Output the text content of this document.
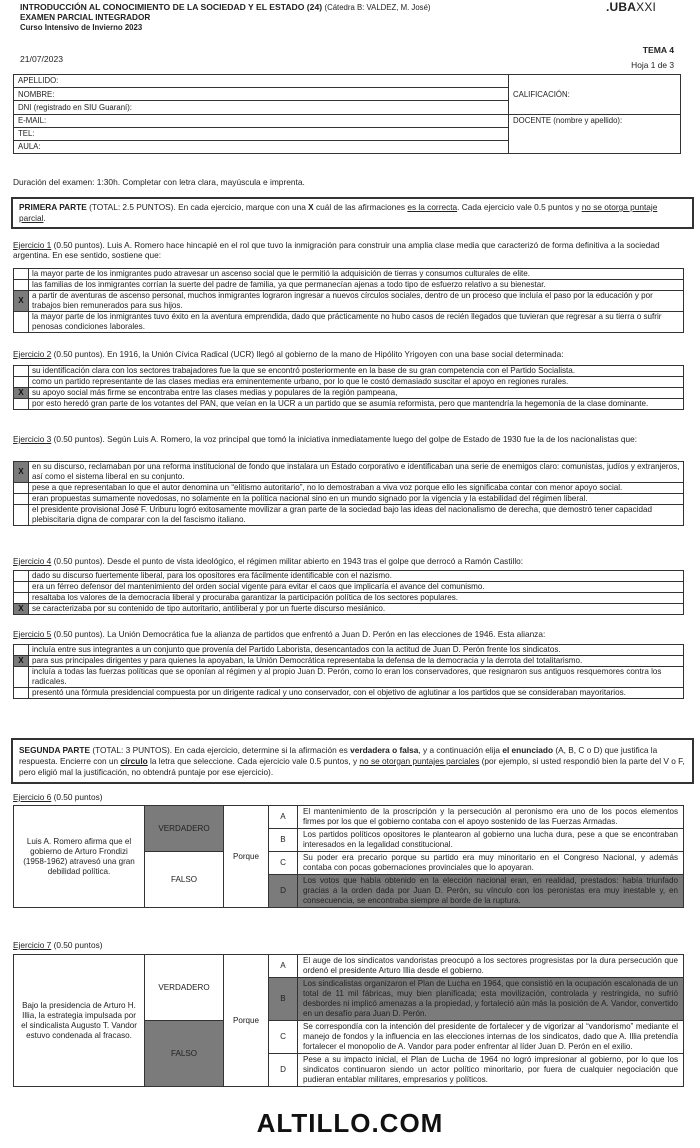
INTRODUCCIÓN AL CONOCIMIENTO DE LA SOCIEDAD Y EL ESTADO (24) (Cátedra B: VALDEZ, M. José)
EXAMEN PARCIAL INTEGRADOR
Curso Intensivo de Invierno 2023
.UBAXXI
21/07/2023
TEMA 4
Hoja 1 de 3
APELLIDO:	CALIFICACIÓN:
NOMBRE:	
DNI (registrado en SIU Guaraní):	
E-MAIL:	DOCENTE (nombre y apellido):
TEL:	
AULA:	
Duración del examen: 1:30h. Completar con letra clara, mayúscula e imprenta.
PRIMERA PARTE (TOTAL: 2.5 PUNTOS). En cada ejercicio, marque con una X cuál de las afirmaciones es la correcta. Cada ejercicio vale 0.5 puntos y no se otorga puntaje parcial.
Ejercicio 1 (0.50 puntos). Luis A. Romero hace hincapié en el rol que tuvo la inmigración para construir una amplia clase media que caracterizó de forma definitiva a la sociedad argentina. En ese sentido, sostiene que:
	la mayor parte de los inmigrantes pudo atravesar un ascenso social que le permitió la adquisición de tierras y consumos culturales de elite.
	las familias de los inmigrantes corrían la suerte del padre de familia, ya que permanecían ajenas a todo tipo de esfuerzo relativo a su bienestar.
X	a partir de aventuras de ascenso personal, muchos inmigrantes lograron ingresar a nuevos círculos sociales, dentro de un proceso que incluía el paso por la educación y por trabajos bien remunerados para sus hijos.
	la mayor parte de los inmigrantes tuvo éxito en la aventura emprendida, dado que prácticamente no hubo casos de recién llegados que tuvieran que regresar a su tierra o sufrir penosas condiciones laborales.
Ejercicio 2 (0.50 puntos). En 1916, la Unión Cívica Radical (UCR) llegó al gobierno de la mano de Hipólito Yrigoyen con una base social determinada:
	su identificación clara con los sectores trabajadores fue la que se encontró posteriormente en la base de su gran competencia con el Partido Socialista.
	como un partido representante de las clases medias era eminentemente urbano, por lo que le costó demasiado suscitar el apoyo en regiones rurales.
X	su apoyo social más firme se encontraba entre las clases medias y populares de la región pampeana,
	por esto heredó gran parte de los votantes del PAN, que veían en la UCR a un partido que se asumía reformista, pero que mantendría la hegemonía de la clase dominante.
Ejercicio 3 (0.50 puntos). Según Luis A. Romero, la voz principal que tomó la iniciativa inmediatamente luego del golpe de Estado de 1930 fue la de los nacionalistas que:
X	en su discurso, reclamaban por una reforma institucional de fondo que instalara un Estado corporativo e identificaban una serie de enemigos claro: comunistas, judíos y extranjeros, así como el sistema liberal en su conjunto.
	pese a que representaban lo que el autor denomina un “elitismo autoritario”, no lo demostraban a viva voz porque ello les significaba contar con menor apoyo social.
	eran propuestas sumamente novedosas, no solamente en la política nacional sino en un mundo signado por la vigencia y la estabilidad del régimen liberal.
	el presidente provisional José F. Uriburu logró exitosamente movilizar a gran parte de la sociedad bajo las ideas del nacionalismo de derecha, que demostró tener capacidad plebiscitaria digna de comparar con la del fascismo italiano.
Ejercicio 4 (0.50 puntos). Desde el punto de vista ideológico, el régimen militar abierto en 1943 tras el golpe que derrocó a Ramón Castillo:
	dado su discurso fuertemente liberal, para los opositores era fácilmente identificable con el nazismo.
	era un férreo defensor del mantenimiento del orden social vigente para evitar el caos que implicaría el avance del comunismo.
	resaltaba los valores de la democracia liberal y procuraba garantizar la participación política de los sectores populares.
X	se caracterizaba por su contenido de tipo autoritario, antiliberal y por un fuerte discurso mesiánico.
Ejercicio 5 (0.50 puntos). La Unión Democrática fue la alianza de partidos que enfrentó a Juan D. Perón en las elecciones de 1946. Esta alianza:
	incluía entre sus integrantes a un conjunto que provenía del Partido Laborista, desencantados con la actitud de Juan D. Perón frente los sindicatos.
X	para sus principales dirigentes y para quienes la apoyaban, la Unión Democrática representaba la defensa de la democracia y la derrota del totalitarismo.
	incluía a todas las fuerzas políticas que se oponían al régimen y al propio Juan D. Perón, como lo eran los conservadores, que resignaron sus antiguos resquemores contra los radicales.
	presentó una fórmula presidencial compuesta por un dirigente radical y uno conservador, con el objetivo de aglutinar a los partidos que se consideraban mayoritarios.
SEGUNDA PARTE (TOTAL: 3 PUNTOS). En cada ejercicio, determine si la afirmación es verdadera o falsa, y a continuación elija el enunciado (A, B, C o D) que justifica la respuesta. Encierre con un círculo la letra que seleccione. Cada ejercicio vale 0.5 puntos, y no se otorgan puntajes parciales (por ejemplo, si usted respondió bien la parte del V o F, pero eligió mal la justificación, no obtendrá puntaje por ese ejercicio).
Ejercicio 6 (0.50 puntos)
Luis A. Romero afirma que el gobierno de Arturo Frondizi (1958-1962) atravesó una gran debilidad política.	VERDADERO	Porque	A	El mantenimiento de la proscripción y la persecución al peronismo era uno de los pocos elementos firmes por los que el gobierno contaba con el apoyo sostenido de las Fuerzas Armadas.
			B	Los partidos políticos opositores le plantearon al gobierno una lucha dura, pese a que se encontraban interesados en la legalidad constitucional.
	FALSO		C	Su poder era precario porque su partido era muy minoritario en el Congreso Nacional, y además contaba con pocas gobernaciones provinciales que lo apoyaran.
			D	Los votos que había obtenido en la elección nacional eran, en realidad, prestados: había triunfado gracias a la orden dada por Juan D. Perón, su vínculo con los peronistas era muy inestable y, en consecuencia, se encontraba siempre al borde de la ruptura.
Ejercicio 7 (0.50 puntos)
Bajo la presidencia de Arturo H. Illia, la estrategia impulsada por el sindicalista Augusto T. Vandor estuvo condenada al fracaso.	VERDADERO	Porque	A	El auge de los sindicatos vandoristas preocupó a los sectores progresistas por la dura persecución que ordenó el presidente Arturo Illia desde el gobierno.
			B	Los sindicalistas organizaron el Plan de Lucha en 1964, que consistió en la ocupación escalonada de un total de 11 mil fábricas, muy bien planificada; esta movilización, controlada y restringida, no sufrió desbordes ni implicó amenazas a la propiedad, y fortaleció aún más la posición de A. Vandor, convertido en un desafío para Juan D. Perón.
	FALSO		C	Se correspondía con la intención del presidente de fortalecer y de vigorizar al “vandorismo” mediante el manejo de fondos y la influencia en las elecciones internas de los sindicatos, dado que A. Illia pretendía fortalecer el monopolio de A. Vandor para poder enfrentar al líder Juan D. Perón en el exilio.
			D	Pese a su impacto inicial, el Plan de Lucha de 1964 no logró impresionar al gobierno, por lo que los sindicatos continuaron siendo un actor político minoritario, por fuera de cualquier negociación que pudieran entablar militares, empresarios y políticos.
ALTILLO.COM
